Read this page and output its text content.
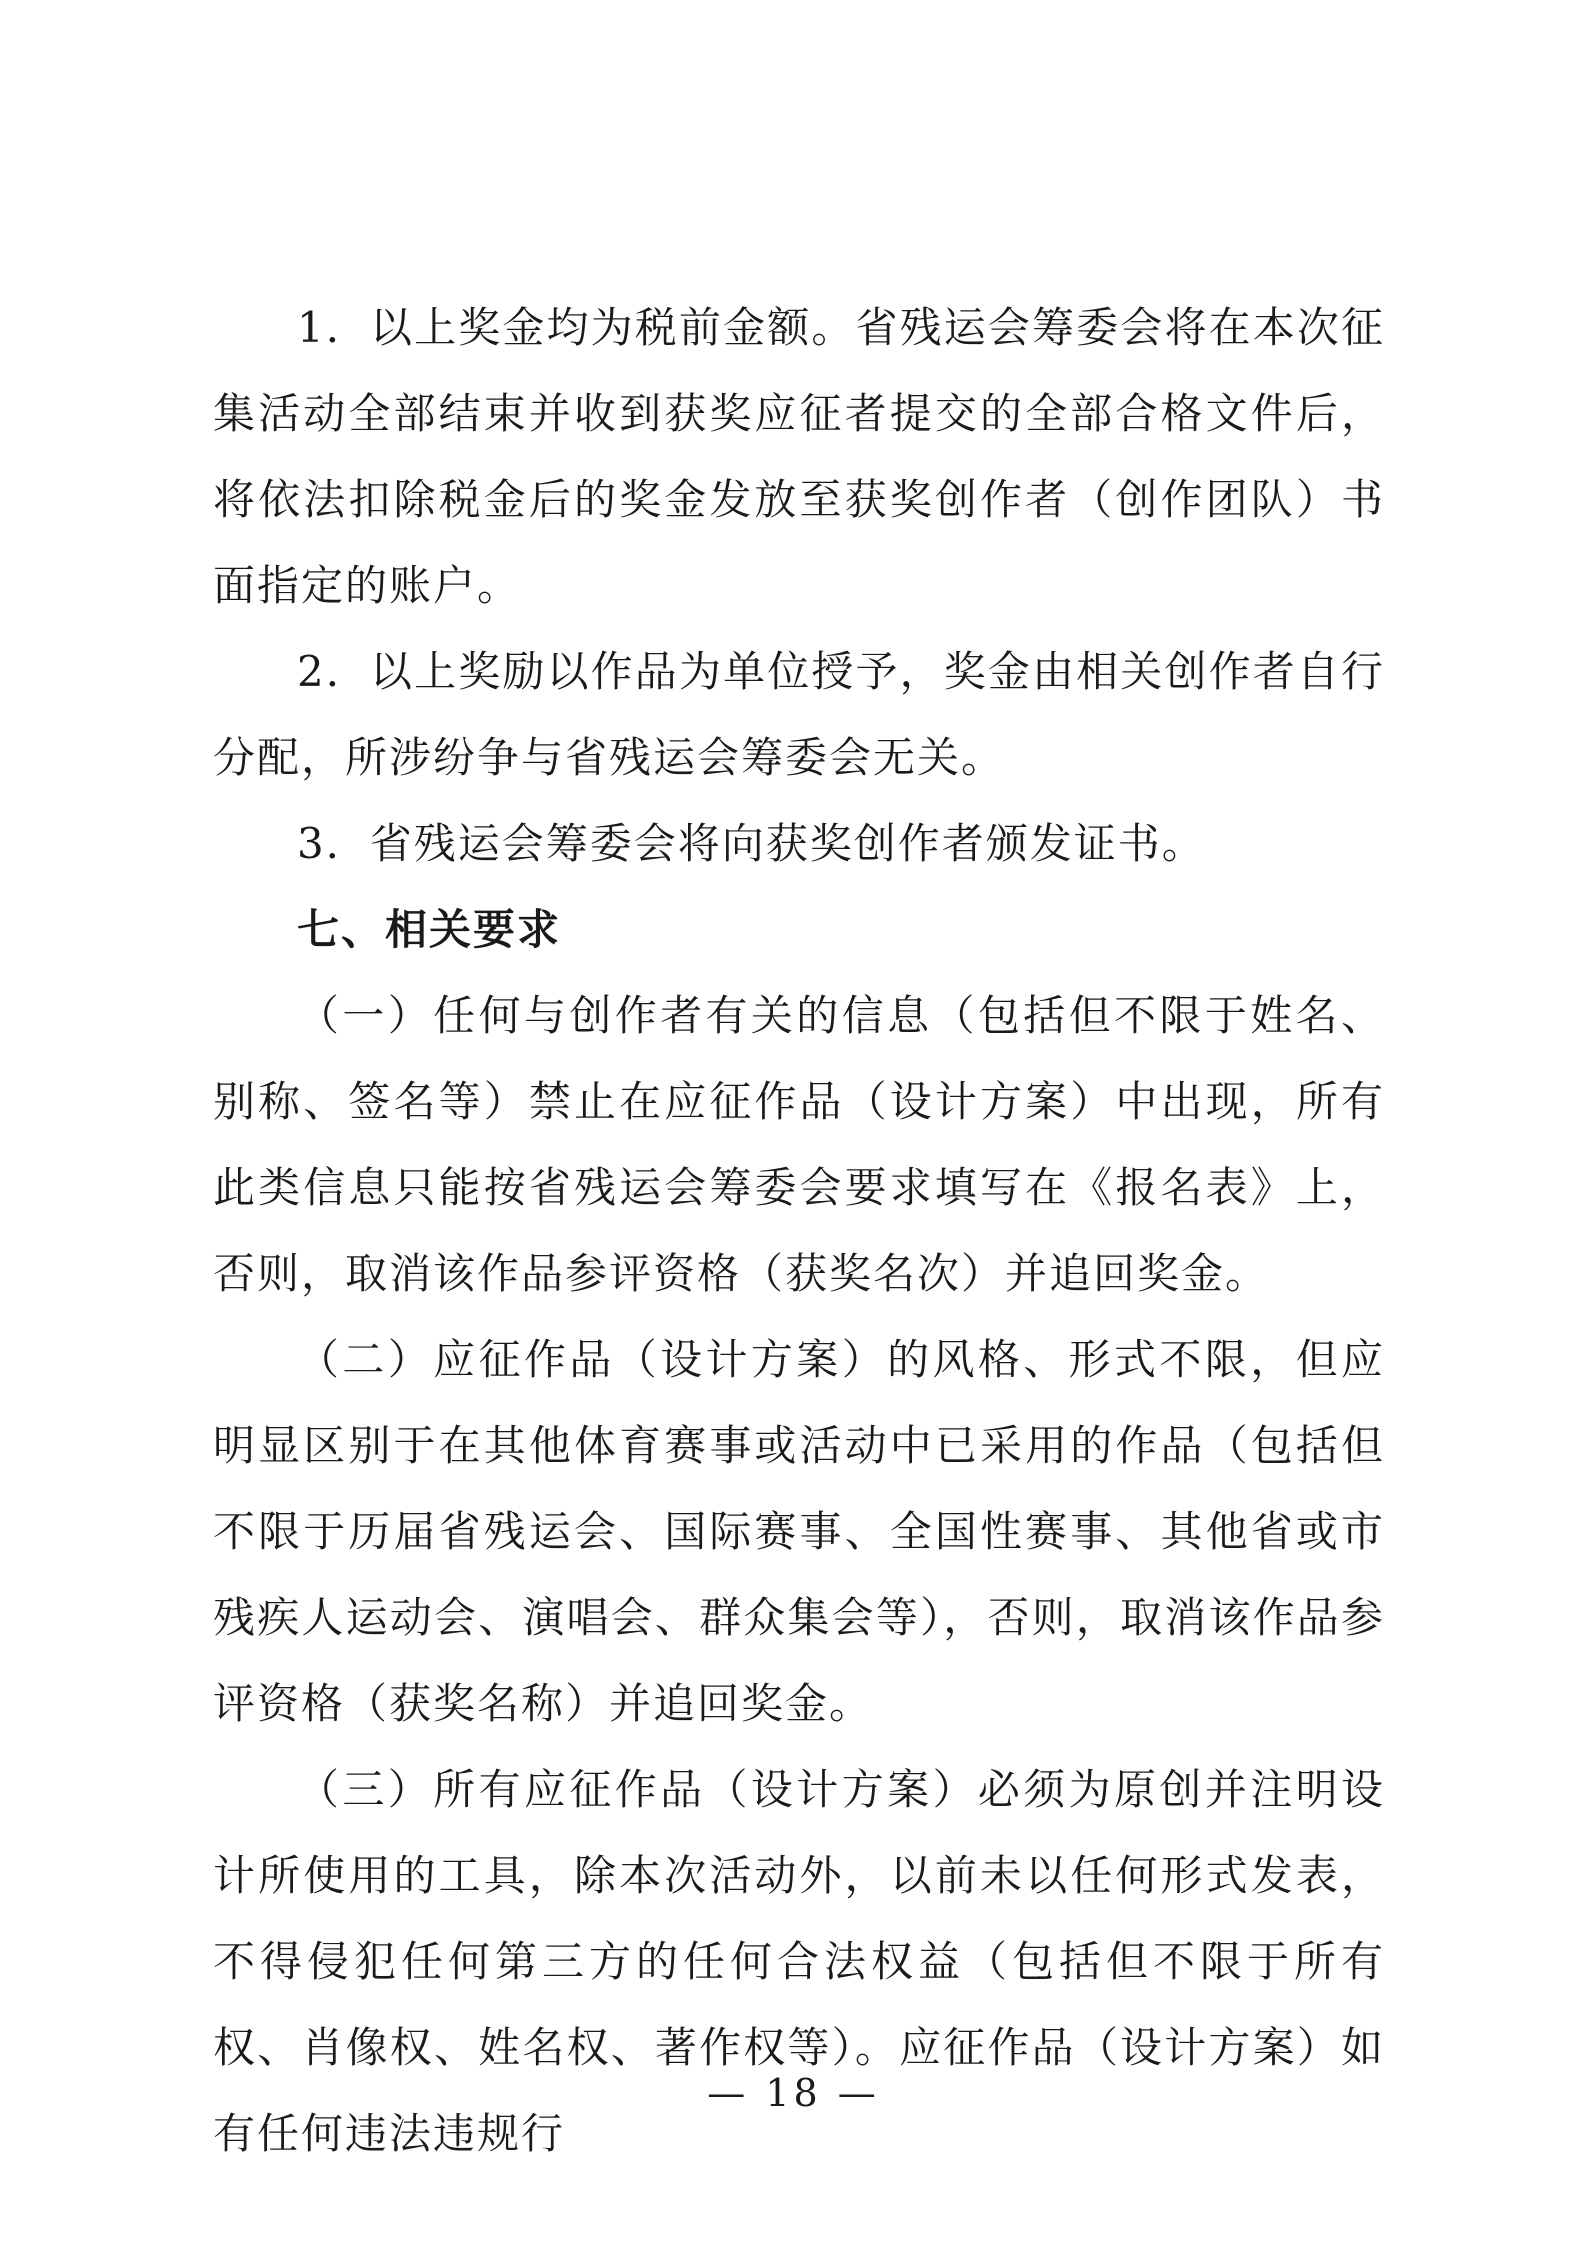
1．以上奖金均为税前金额。省残运会筹委会将在本次征集活动全部结束并收到获奖应征者提交的全部合格文件后，将依法扣除税金后的奖金发放至获奖创作者（创作团队）书面指定的账户。

2．以上奖励以作品为单位授予，奖金由相关创作者自行分配，所涉纷争与省残运会筹委会无关。

3．省残运会筹委会将向获奖创作者颁发证书。

七、相关要求

（一）任何与创作者有关的信息（包括但不限于姓名、别称、签名等）禁止在应征作品（设计方案）中出现，所有此类信息只能按省残运会筹委会要求填写在《报名表》上，否则，取消该作品参评资格（获奖名次）并追回奖金。

（二）应征作品（设计方案）的风格、形式不限，但应明显区别于在其他体育赛事或活动中已采用的作品（包括但不限于历届省残运会、国际赛事、全国性赛事、其他省或市残疾人运动会、演唱会、群众集会等），否则，取消该作品参评资格（获奖名称）并追回奖金。

（三）所有应征作品（设计方案）必须为原创并注明设计所使用的工具，除本次活动外，以前未以任何形式发表，不得侵犯任何第三方的任何合法权益（包括但不限于所有权、肖像权、姓名权、著作权等）。应征作品（设计方案）如有任何违法违规行

— 18 —
